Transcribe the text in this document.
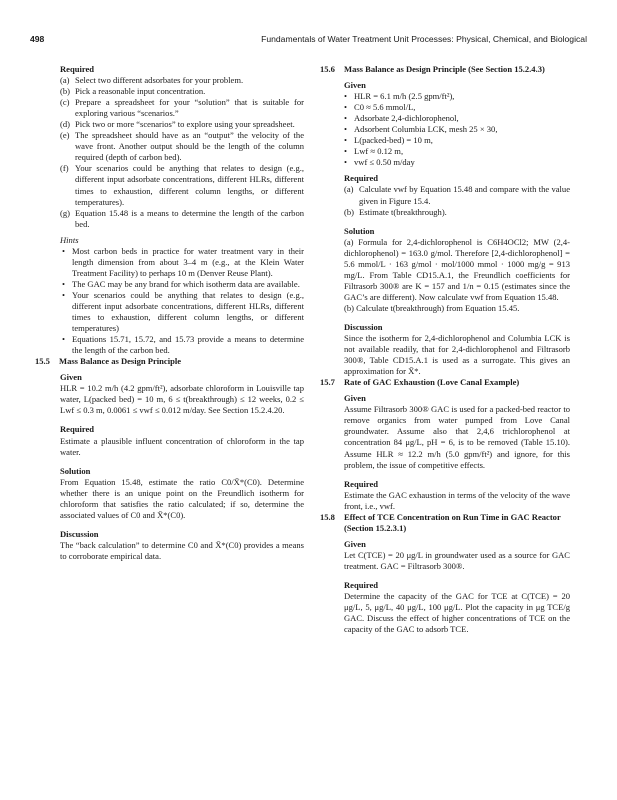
498	Fundamentals of Water Treatment Unit Processes: Physical, Chemical, and Biological

Required

(a) Select two different adsorbates for your problem.
(b) Pick a reasonable input concentration.
(c) Prepare a spreadsheet for your “solution” that is suitable for exploring various “scenarios.”
(d) Pick two or more “scenarios” to explore using your spreadsheet.
(e) The spreadsheet should have as an “output” the velocity of the wave front. Another output should be the length of the column required (depth of carbon bed).
(f) Your scenarios could be anything that relates to design (e.g., different input adsorbate concentrations, different HLRs, different times to exhaustion, different column lengths, or different temperatures).
(g) Equation 15.48 is a means to determine the length of the carbon bed.

Hints

• Most carbon beds in practice for water treatment vary in their length dimension from about 3–4 m (e.g., at the Klein Water Treatment Facility) to perhaps 10 m (Denver Reuse Plant).
• The GAC may be any brand for which isotherm data are available.
• Your scenarios could be anything that relates to design (e.g., different input adsorbate concentrations, different HLRs, different times to exhaustion, different column lengths, or different temperatures)
• Equations 15.71, 15.72, and 15.73 provide a means to determine the length of the carbon bed.
15.5 Mass Balance as Design Principle

Given

HLR = 10.2 m/h (4.2 gpm/ft²), adsorbate chloroform in Louisville tap water, L(packed bed) = 10 m, 6 ≤ t(breakthrough) ≤ 12 weeks, 0.2 ≤ Lwf ≤ 0.3 m, 0.0061 ≤ vwf ≤ 0.012 m/day. See Section 15.2.4.20.

Required

Estimate a plausible influent concentration of chloroform in the tap water.

Solution

From Equation 15.48, estimate the ratio C0/X̄*(C0). Determine whether there is an unique point on the Freundlich isotherm for chloroform that satisfies the ratio calculated; if so, determine the associated values of C0 and X̄*(C0).

Discussion

The “back calculation” to determine C0 and X̄*(C0) provides a means to corroborate empirical data.

15.6 Mass Balance as Design Principle (See Section 15.2.4.3)

Given

• HLR = 6.1 m/h (2.5 gpm/ft²),
• C0 ≈ 5.6 mmol/L,
• Adsorbate 2,4-dichlorophenol,
• Adsorbent Columbia LCK, mesh 25 × 30,
• L(packed-bed) = 10 m,
• Lwf ≈ 0.12 m,
• vwf ≤ 0.50 m/day

Required

(a) Calculate vwf by Equation 15.48 and compare with the value given in Figure 15.4.
(b) Estimate t(breakthrough).

Solution

(a) Formula for 2,4-dichlorophenol is C6H4OCl2; MW (2,4-dichlorophenol) = 163.0 g/mol. Therefore [2,4-dichlorophenol] = 5.6 mmol/L · 163 g/mol · mol/1000 mmol · 1000 mg/g = 913 mg/L. From Table CD15.A.1, the Freundlich coefficients for Filtrasorb 300® are K = 157 and 1/n = 0.15 (estimates since the GAC’s are different). Now calculate vwf from Equation 15.48.

(b) Calculate t(breakthrough) from Equation 15.45.

Discussion

Since the isotherm for 2,4-dichlorophenol and Columbia LCK is not available readily, that for 2,4-dichlorophenol and Filtrasorb 300®, Table CD15.A.1 is used as a surrogate. This gives an approximation for X̄*.

15.7 Rate of GAC Exhaustion (Love Canal Example)

Given

Assume Filtrasorb 300® GAC is used for a packed-bed reactor to remove organics from water pumped from Love Canal groundwater. Assume also that 2,4,6 trichlorophenol at concentration 84 μg/L, pH = 6, is to be removed (Table 15.10). Assume HLR ≈ 12.2 m/h (5.0 gpm/ft²) and ignore, for this problem, the issue of competitive effects.

Required

Estimate the GAC exhaustion in terms of the velocity of the wave front, i.e., vwf.

15.8 Effect of TCE Concentration on Run Time in GAC Reactor (Section 15.2.3.1)

Given

Let C(TCE) = 20 μg/L in groundwater used as a source for GAC treatment. GAC = Filtrasorb 300®.

Required

Determine the capacity of the GAC for TCE at C(TCE) = 20 μg/L, 5, μg/L, 40 μg/L, 100 μg/L. Plot the capacity in μg TCE/g GAC. Discuss the effect of higher concentrations of TCE on the capacity of the GAC to adsorb TCE.
